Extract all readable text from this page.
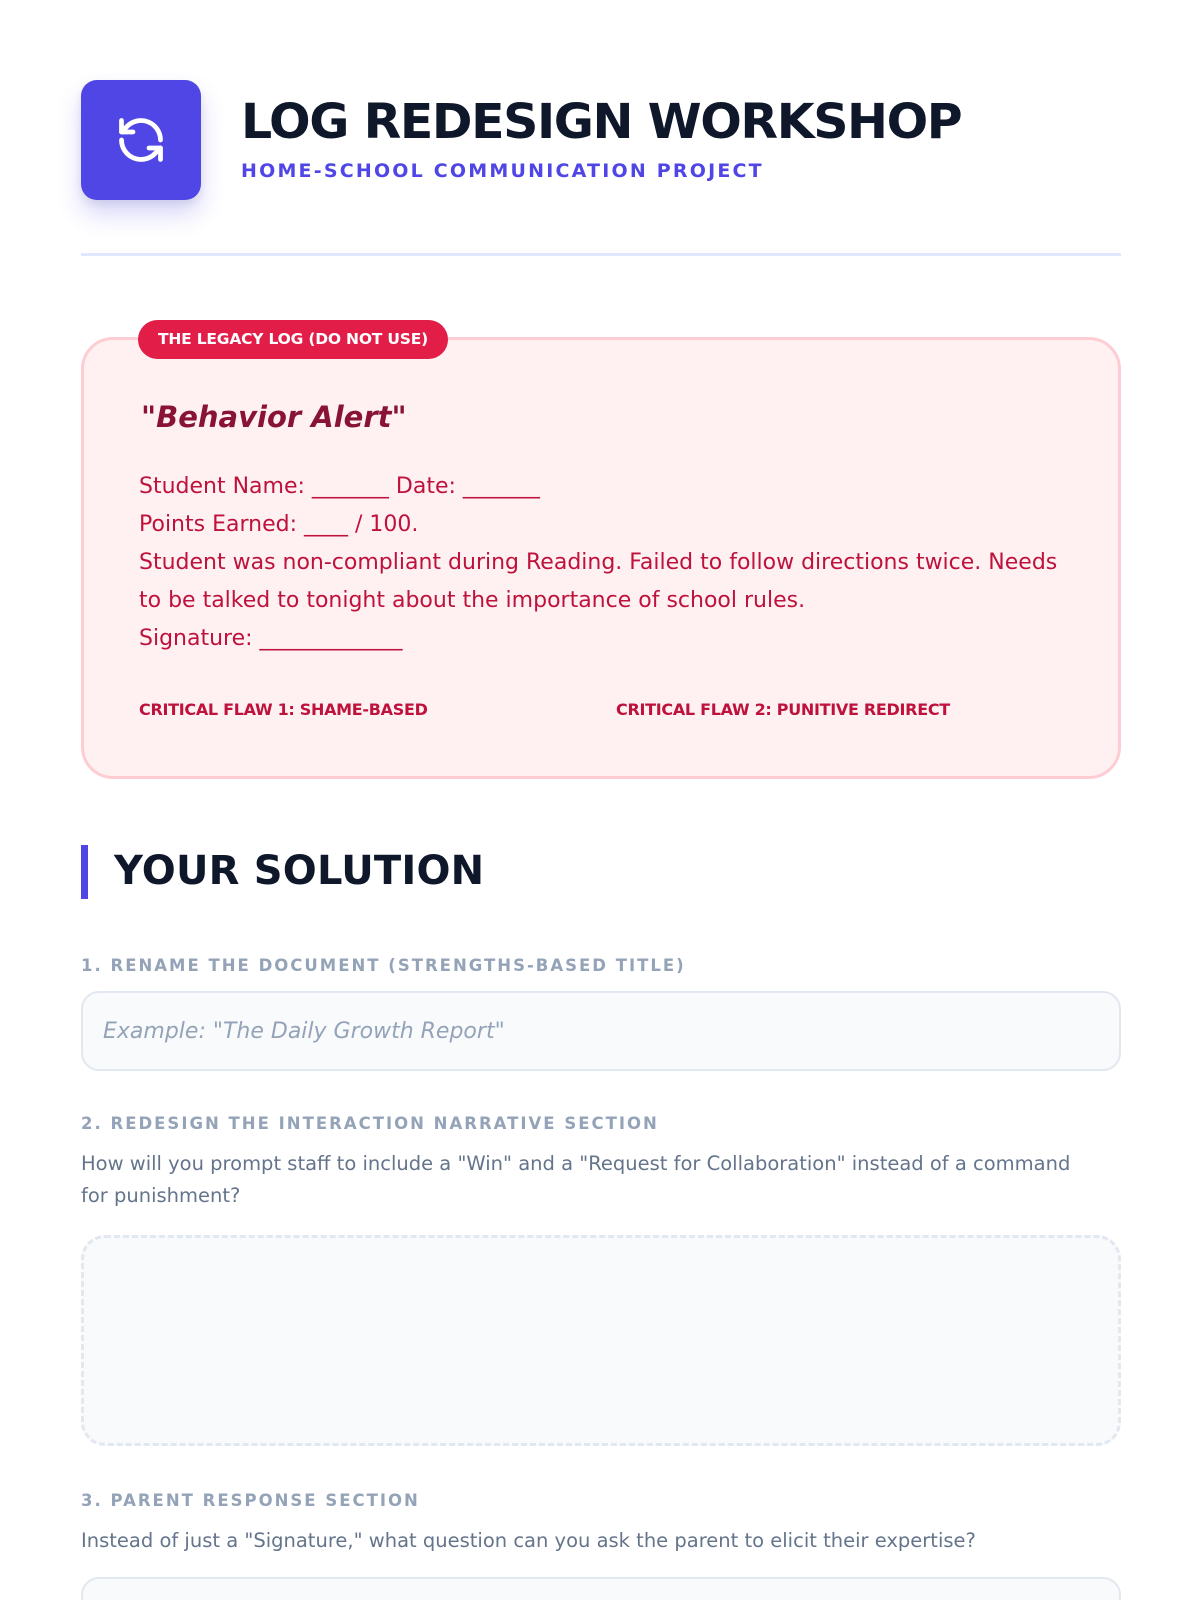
LOG REDESIGN WORKSHOP
HOME-SCHOOL COMMUNICATION PROJECT
"Behavior Alert"
Student Name: _______ Date: _______
Points Earned: ____ / 100.
Student was non-compliant during Reading. Failed to follow directions twice. Needs to be talked to tonight about the importance of school rules.
Signature: _____________
CRITICAL FLAW 1: SHAME-BASED	CRITICAL FLAW 2: PUNITIVE REDIRECT
THE LEGACY LOG (DO NOT USE)
YOUR SOLUTION
1. RENAME THE DOCUMENT (STRENGTHS-BASED TITLE)
Example: "The Daily Growth Report"
2. REDESIGN THE INTERACTION NARRATIVE SECTION
How will you prompt staff to include a "Win" and a "Request for Collaboration" instead of a command for punishment?
3. PARENT RESPONSE SECTION
Instead of just a "Signature," what question can you ask the parent to elicit their expertise?
